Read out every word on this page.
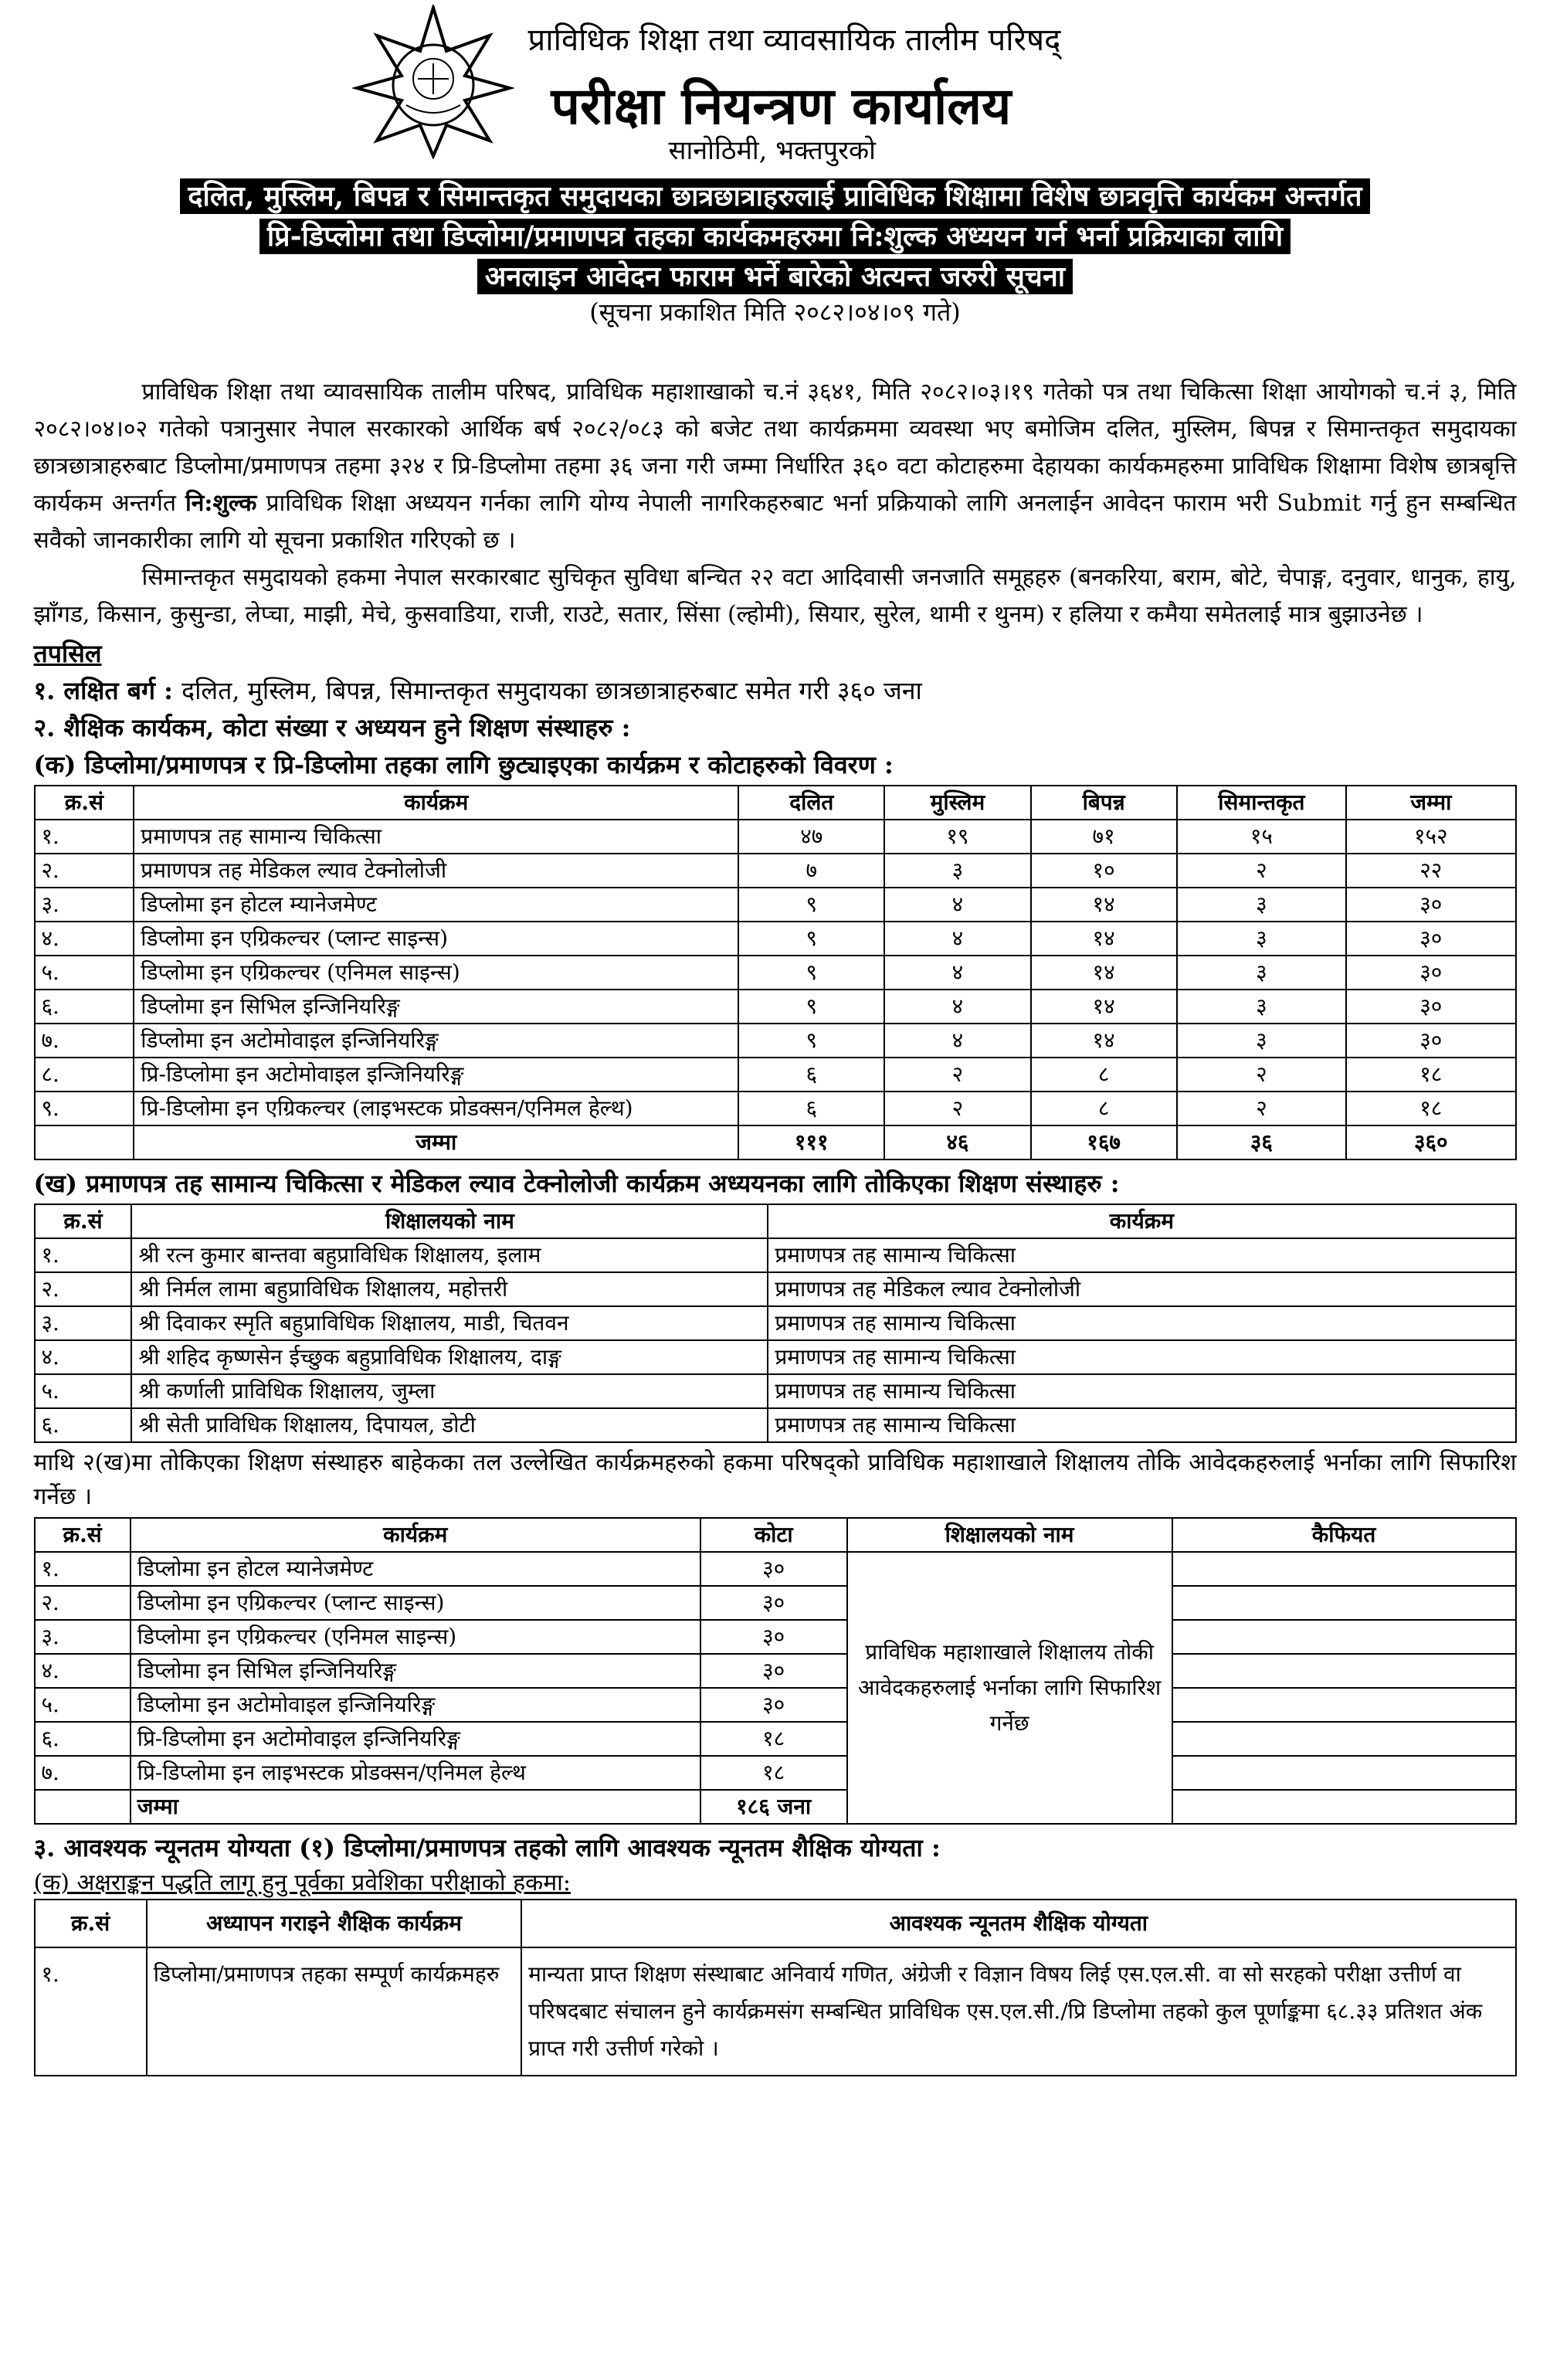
प्राविधिक शिक्षा तथा व्यावसायिक तालीम परिषद्
परीक्षा नियन्त्रण कार्यालय
सानोठिमी, भक्तपुरको
दलित, मुस्लिम, बिपन्न र सिमान्तकृत समुदायका छात्रछात्राहरुलाई प्राविधिक शिक्षामा विशेष छात्रवृत्ति कार्यकम अन्तर्गत
प्रि-डिप्लोमा तथा डिप्लोमा/प्रमाणपत्र तहका कार्यकमहरुमा नि:शुल्क अध्ययन गर्न भर्ना प्रक्रियाका लागि
अनलाइन आवेदन फाराम भर्ने बारेको अत्यन्त जरुरी सूचना
(सूचना प्रकाशित मिति २०८२।०४।०९ गते)

प्राविधिक शिक्षा तथा व्यावसायिक तालीम परिषद, प्राविधिक महाशाखाको च.नं ३६४१, मिति २०८२।०३।१९ गतेको पत्र तथा चिकित्सा शिक्षा आयोगको च.नं ३, मिति २०८२।०४।०२ गतेको पत्रानुसार नेपाल सरकारको आर्थिक बर्ष २०८२/०८३ को बजेट तथा कार्यक्रममा व्यवस्था भए बमोजिम दलित, मुस्लिम, बिपन्न र सिमान्तकृत समुदायका छात्रछात्राहरुबाट डिप्लोमा/प्रमाणपत्र तहमा ३२४ र प्रि-डिप्लोमा तहमा ३६ जना गरी जम्मा निर्धारित ३६० वटा कोटाहरुमा देहायका कार्यकमहरुमा प्राविधिक शिक्षामा विशेष छात्रबृत्ति कार्यकम अन्तर्गत नि:शुल्क प्राविधिक शिक्षा अध्ययन गर्नका लागि योग्य नेपाली नागरिकहरुबाट भर्ना प्रक्रियाको लागि अनलाईन आवेदन फाराम भरी Submit गर्नु हुन सम्बन्धित सवैको जानकारीका लागि यो सूचना प्रकाशित गरिएको छ ।

सिमान्तकृत समुदायको हकमा नेपाल सरकारबाट सुचिकृत सुविधा बन्चित २२ वटा आदिवासी जनजाति समूहहरु (बनकरिया, बराम, बोटे, चेपाङ्ग, दनुवार, धानुक, हायु, झाँगड, किसान, कुसुन्डा, लेप्चा, माझी, मेचे, कुसवाडिया, राजी, राउटे, सतार, सिंसा (ल्होमी), सियार, सुरेल, थामी र थुनम) र हलिया र कमैया समेतलाई मात्र बुझाउनेछ ।

तपसिल
१. लक्षित बर्ग : दलित, मुस्लिम, बिपन्न, सिमान्तकृत समुदायका छात्रछात्राहरुबाट समेत गरी ३६० जना
२. शैक्षिक कार्यकम, कोटा संख्या र अध्ययन हुने शिक्षण संस्थाहरु :
(क) डिप्लोमा/प्रमाणपत्र र प्रि-डिप्लोमा तहका लागि छुट्याइएका कार्यक्रम र कोटाहरुको विवरण :
क्र.सं	कार्यक्रम	दलित	मुस्लिम	बिपन्न	सिमान्तकृत	जम्मा
१.	प्रमाणपत्र तह सामान्य चिकित्सा	४७	१९	७१	१५	१५२
२.	प्रमाणपत्र तह मेडिकल ल्याव टेक्नोलोजी	७	३	१०	२	२२
३.	डिप्लोमा इन होटल म्यानेजमेण्ट	९	४	१४	३	३०
४.	डिप्लोमा इन एग्रिकल्चर (प्लान्ट साइन्स)	९	४	१४	३	३०
५.	डिप्लोमा इन एग्रिकल्चर (एनिमल साइन्स)	९	४	१४	३	३०
६.	डिप्लोमा इन सिभिल इन्जिनियरिङ्ग	९	४	१४	३	३०
७.	डिप्लोमा इन अटोमोवाइल इन्जिनियरिङ्ग	९	४	१४	३	३०
८.	प्रि-डिप्लोमा इन अटोमोवाइल इन्जिनियरिङ्ग	६	२	८	२	१८
९.	प्रि-डिप्लोमा इन एग्रिकल्चर (लाइभस्टक प्रोडक्सन/एनिमल हेल्थ)	६	२	८	२	१८
	जम्मा	१११	४६	१६७	३६	३६०
(ख) प्रमाणपत्र तह सामान्य चिकित्सा र मेडिकल ल्याव टेक्नोलोजी कार्यक्रम अध्ययनका लागि तोकिएका शिक्षण संस्थाहरु :
क्र.सं	शिक्षालयको नाम	कार्यक्रम
१.	श्री रत्न कुमार बान्तवा बहुप्राविधिक शिक्षालय, इलाम	प्रमाणपत्र तह सामान्य चिकित्सा
२.	श्री निर्मल लामा बहुप्राविधिक शिक्षालय, महोत्तरी	प्रमाणपत्र तह मेडिकल ल्याव टेक्नोलोजी
३.	श्री दिवाकर स्मृति बहुप्राविधिक शिक्षालय, माडी, चितवन	प्रमाणपत्र तह सामान्य चिकित्सा
४.	श्री शहिद कृष्णसेन ईच्छुक बहुप्राविधिक शिक्षालय, दाङ्ग	प्रमाणपत्र तह सामान्य चिकित्सा
५.	श्री कर्णाली प्राविधिक शिक्षालय, जुम्ला	प्रमाणपत्र तह सामान्य चिकित्सा
६.	श्री सेती प्राविधिक शिक्षालय, दिपायल, डोटी	प्रमाणपत्र तह सामान्य चिकित्सा

माथि २(ख)मा तोकिएका शिक्षण संस्थाहरु बाहेकका तल उल्लेखित कार्यक्रमहरुको हकमा परिषद्को प्राविधिक महाशाखाले शिक्षालय तोकि आवेदकहरुलाई भर्नाका लागि सिफारिश गर्नेछ ।

क्र.सं	कार्यक्रम	कोटा	शिक्षालयको नाम	कैफियत
१.	डिप्लोमा इन होटल म्यानेजमेण्ट	३०	प्राविधिक महाशाखाले शिक्षालय तोकी आवेदकहरुलाई भर्नाका लागि सिफारिश गर्नेछ	
२.	डिप्लोमा इन एग्रिकल्चर (प्लान्ट साइन्स)	३०		
३.	डिप्लोमा इन एग्रिकल्चर (एनिमल साइन्स)	३०		
४.	डिप्लोमा इन सिभिल इन्जिनियरिङ्ग	३०		
५.	डिप्लोमा इन अटोमोवाइल इन्जिनियरिङ्ग	३०		
६.	प्रि-डिप्लोमा इन अटोमोवाइल इन्जिनियरिङ्ग	१८		
७.	प्रि-डिप्लोमा इन लाइभस्टक प्रोडक्सन/एनिमल हेल्थ	१८		
	जम्मा	१८६ जना		
३. आवश्यक न्यूनतम योग्यता (१) डिप्लोमा/प्रमाणपत्र तहको लागि आवश्यक न्यूनतम शैक्षिक योग्यता :
(क) अक्षराङ्कन पद्धति लागू हुनु पूर्वका प्रवेशिका परीक्षाको हकमा:
क्र.सं	अध्यापन गराइने शैक्षिक कार्यक्रम	आवश्यक न्यूनतम शैक्षिक योग्यता
१.	डिप्लोमा/प्रमाणपत्र तहका सम्पूर्ण कार्यक्रमहरु	मान्यता प्राप्त शिक्षण संस्थाबाट अनिवार्य गणित, अंग्रेजी र विज्ञान विषय लिई एस.एल.सी. वा सो सरहको परीक्षा उत्तीर्ण वा परिषदबाट संचालन हुने कार्यक्रमसंग सम्बन्धित प्राविधिक एस.एल.सी./प्रि डिप्लोमा तहको कुल पूर्णाङ्कमा ६८.३३ प्रतिशत अंक प्राप्त गरी उत्तीर्ण गरेको ।
